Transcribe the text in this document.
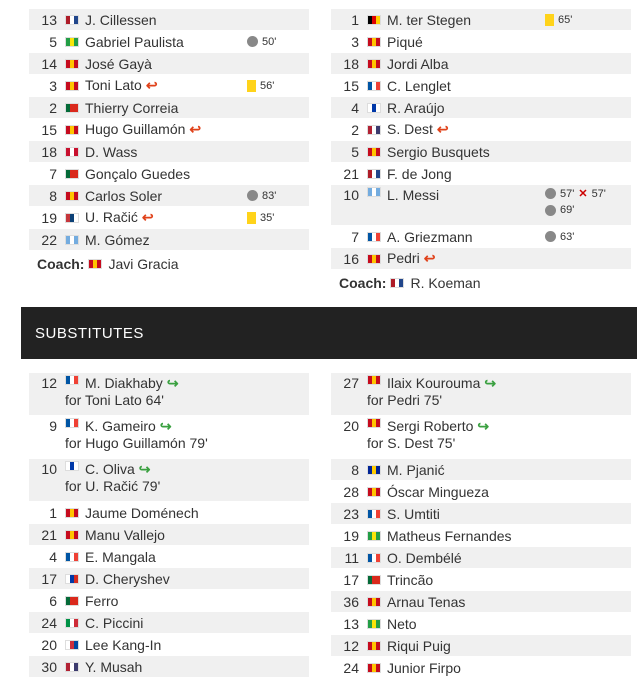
13	J. Cillessen
5	Gabriel Paulista	50'
14	José Gayà
3	Toni Lato ↩	56'
2	Thierry Correia
15	Hugo Guillamón ↩
18	D. Wass
7	Gonçalo Guedes
8	Carlos Soler	83'
19	U. Račić ↩	35'
22	M. Gómez
Coach: Javi Gracia
1	M. ter Stegen	65'
3	Piqué
18	Jordi Alba
15	C. Lenglet
4	R. Araújo
2	S. Dest ↩
5	Sergio Busquets
21	F. de Jong
10	L. Messi	57' ✕ 57'
69'
7	A. Griezmann	63'
16	Pedri ↩
Coach: R. Koeman
SUBSTITUTES
12	M. Diakhaby ↪
for Toni Lato 64'
9	K. Gameiro ↪
for Hugo Guillamón 79'
10	C. Oliva ↪
for U. Račić 79'
1	Jaume Doménech
21	Manu Vallejo
4	E. Mangala
17	D. Cheryshev
6	Ferro
24	C. Piccini
20	Lee Kang-In
30	Y. Musah
27	Ilaix Kourouma ↪
for Pedri 75'
20	Sergi Roberto ↪
for S. Dest 75'
8	M. Pjanić
28	Óscar Mingueza
23	S. Umtiti
19	Matheus Fernandes
11	O. Dembélé
17	Trincão
36	Arnau Tenas
13	Neto
12	Riqui Puig
24	Junior Firpo
